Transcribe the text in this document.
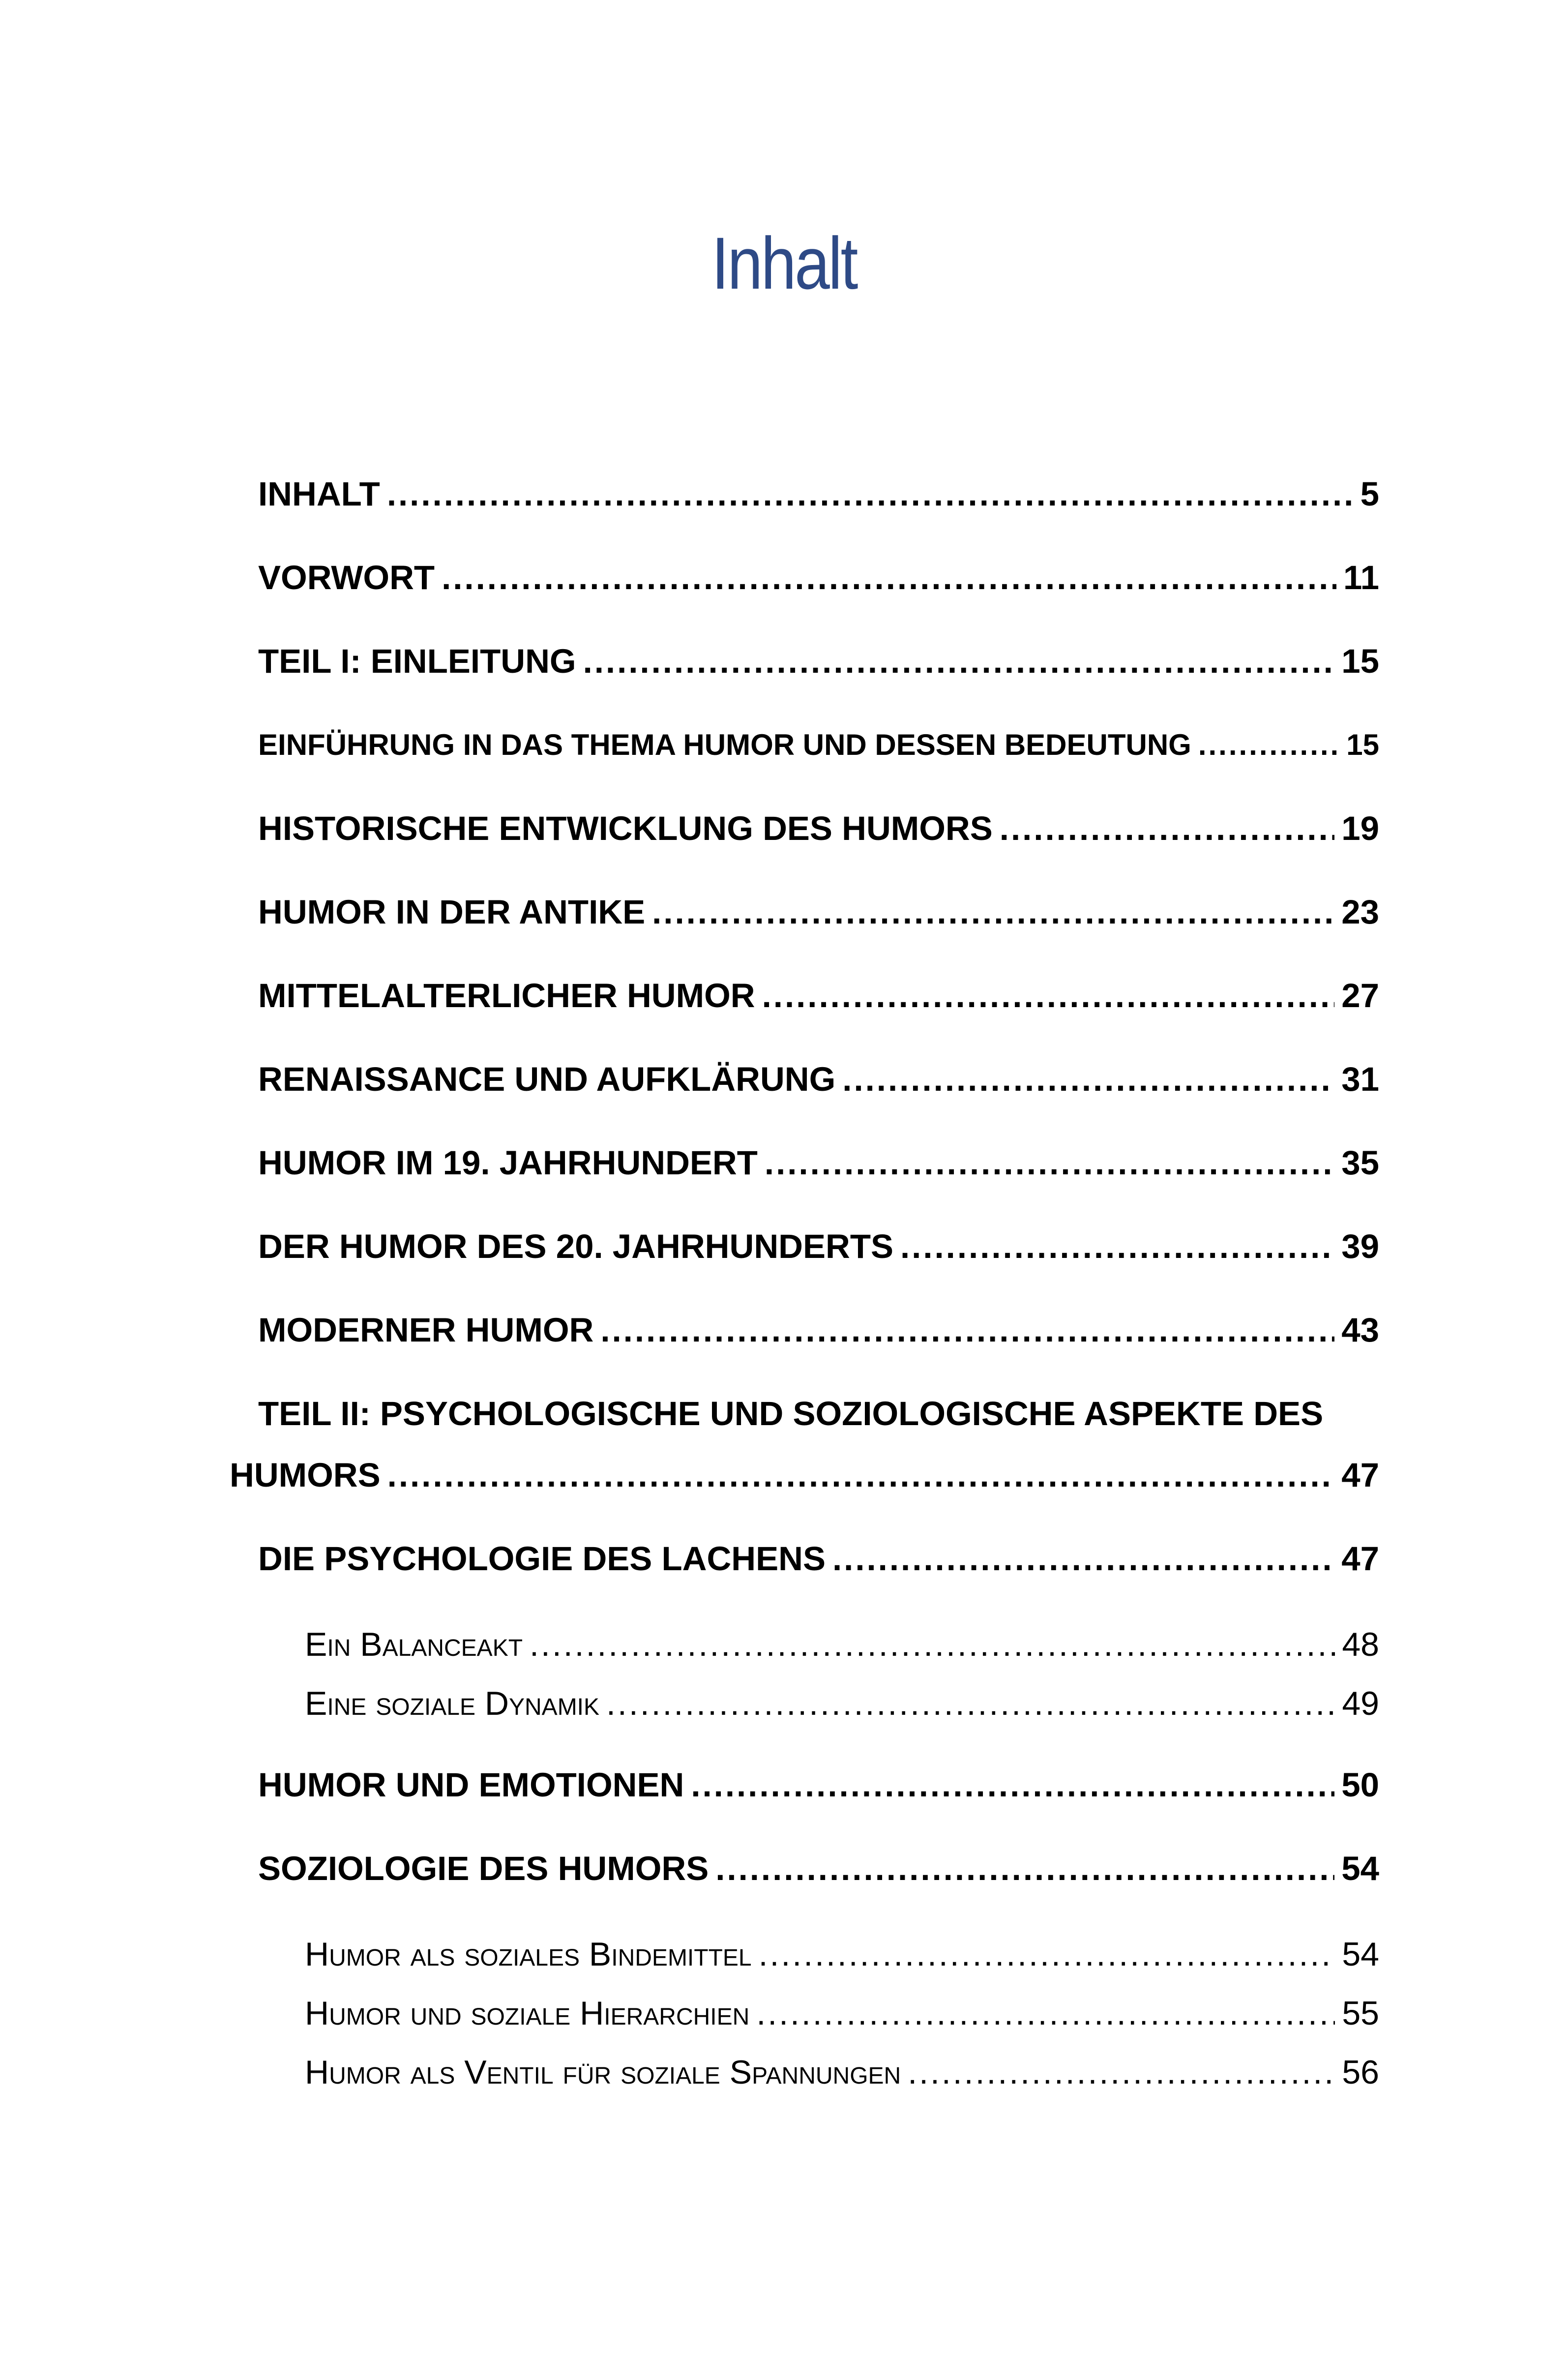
Inhalt
INHALT .....	5
VORWORT .....	11
TEIL I: EINLEITUNG .....	15
EINFÜHRUNG IN DAS THEMA HUMOR UND DESSEN BEDEUTUNG .....	15
HISTORISCHE ENTWICKLUNG DES HUMORS .....	19
HUMOR IN DER ANTIKE .....	23
MITTELALTERLICHER HUMOR .....	27
RENAISSANCE UND AUFKLÄRUNG .....	31
HUMOR IM 19. JAHRHUNDERT .....	35
DER HUMOR DES 20. JAHRHUNDERTS .....	39
MODERNER HUMOR .....	43
TEIL II: PSYCHOLOGISCHE UND SOZIOLOGISCHE ASPEKTE DES
HUMORS .....	47
DIE PSYCHOLOGIE DES LACHENS .....	47
Ein Balanceakt .....	48
Eine soziale Dynamik .....	49
HUMOR UND EMOTIONEN .....	50
SOZIOLOGIE DES HUMORS .....	54
Humor als soziales Bindemittel .....	54
Humor und soziale Hierarchien .....	55
Humor als Ventil für soziale Spannungen .....	56
